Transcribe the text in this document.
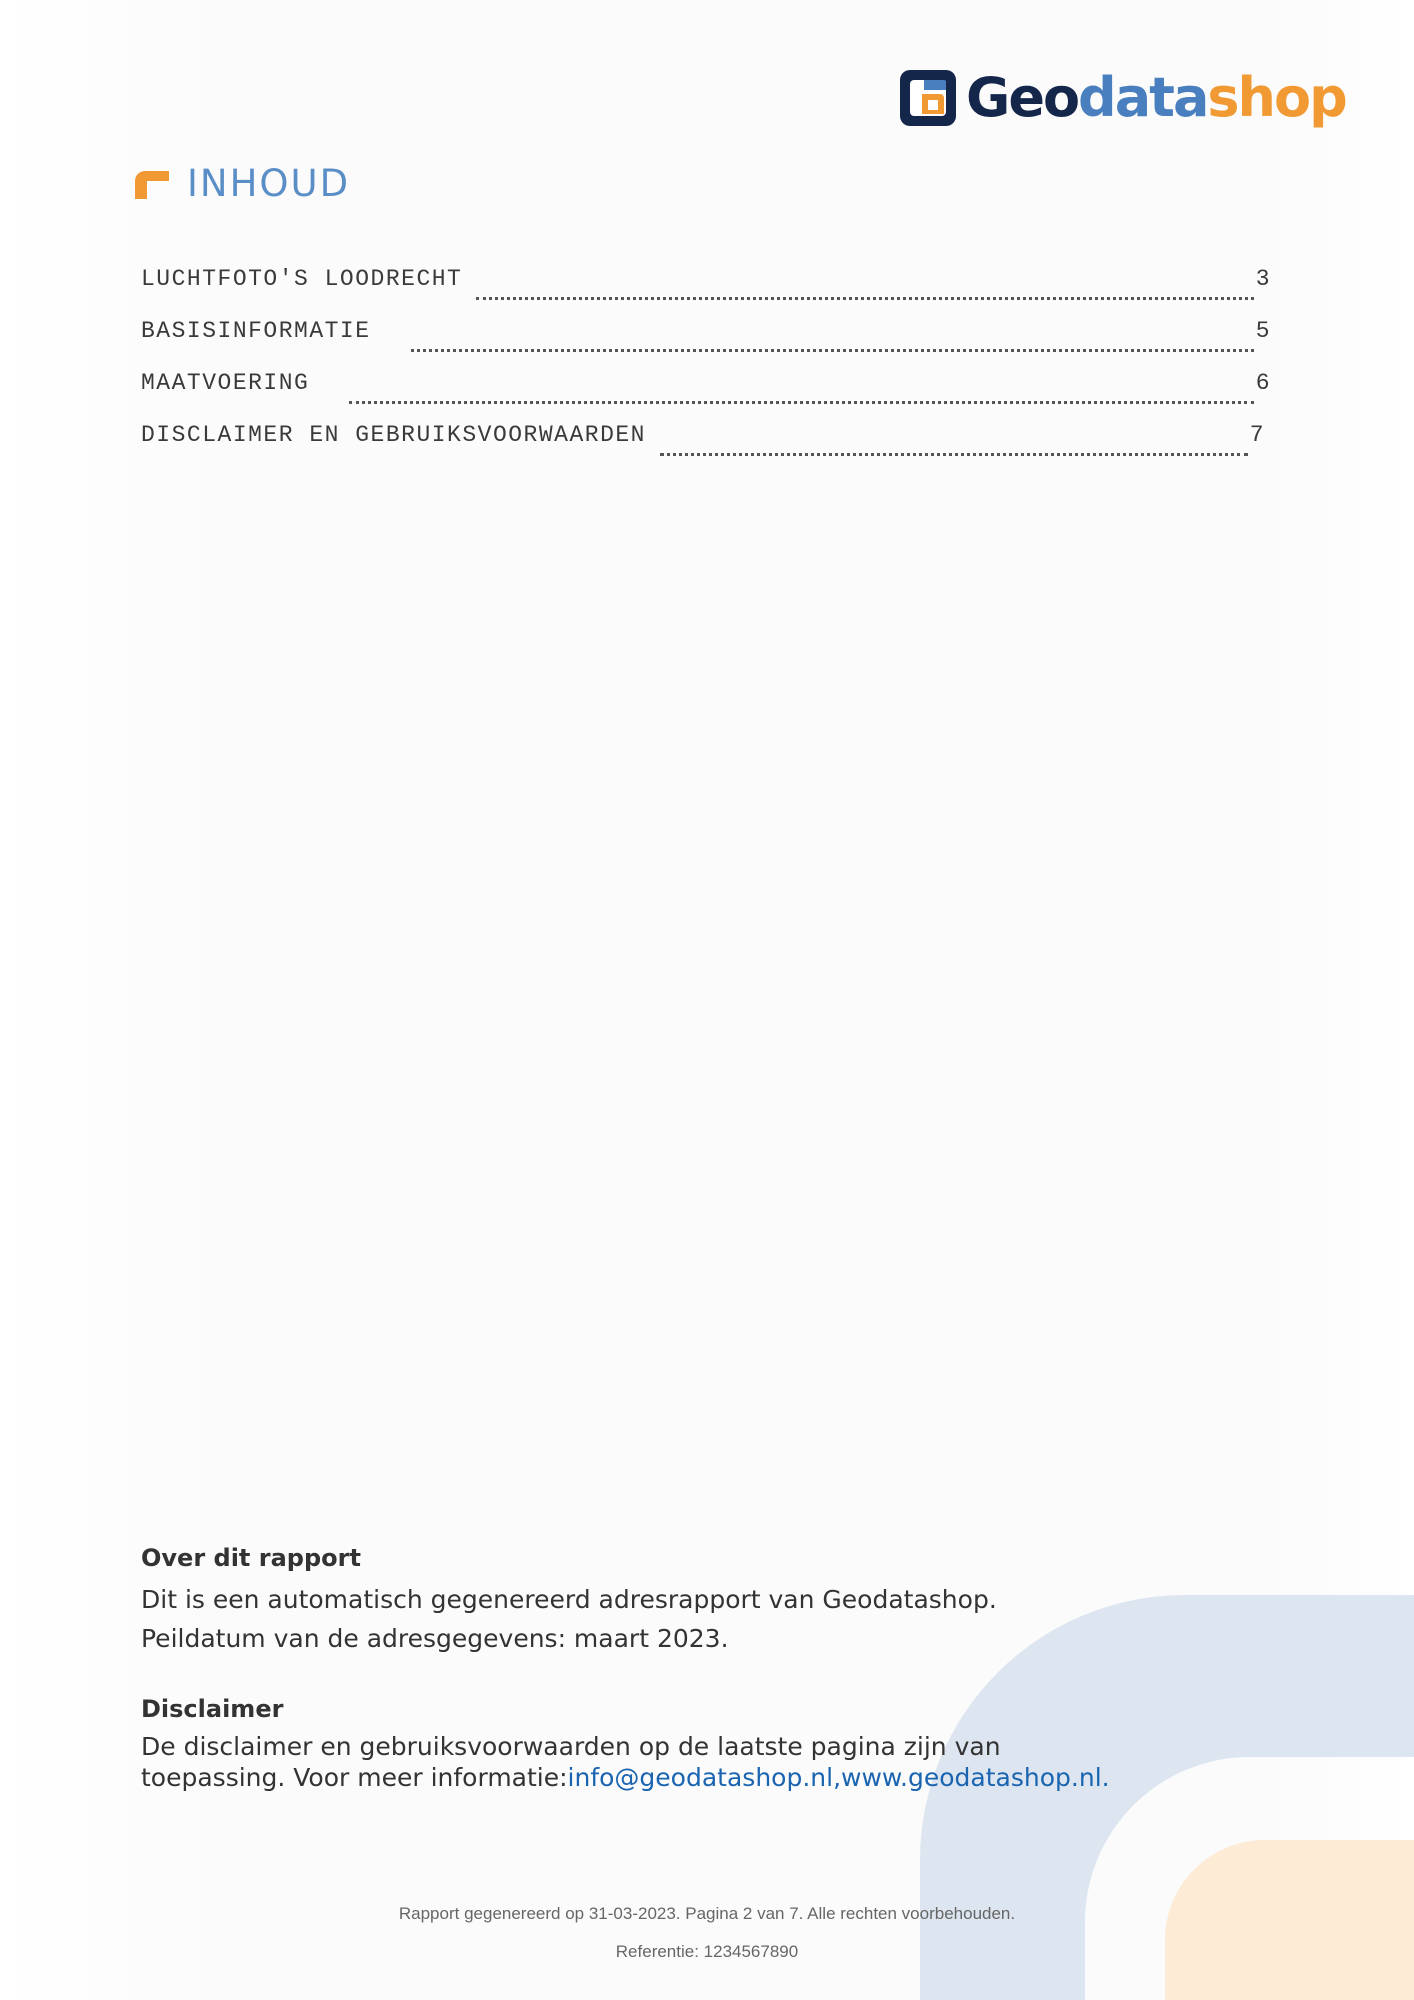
Geodatashop
INHOUD
LUCHTFOTO'S LOODRECHT	3
BASISINFORMATIE	5
MAATVOERING	6
DISCLAIMER EN GEBRUIKSVOORWAARDEN	7
Over dit rapport

Dit is een automatisch gegenereerd adresrapport van Geodatashop.

Peildatum van de adresgegevens: maart 2023.

Disclaimer

De disclaimer en gebruiksvoorwaarden op de laatste pagina zijn van

toepassing. Voor meer informatie:info@geodatashop.nl,www.geodatashop.nl.

Rapport gegenereerd op 31-03-2023. Pagina 2 van 7. Alle rechten voorbehouden.
Referentie: 1234567890
